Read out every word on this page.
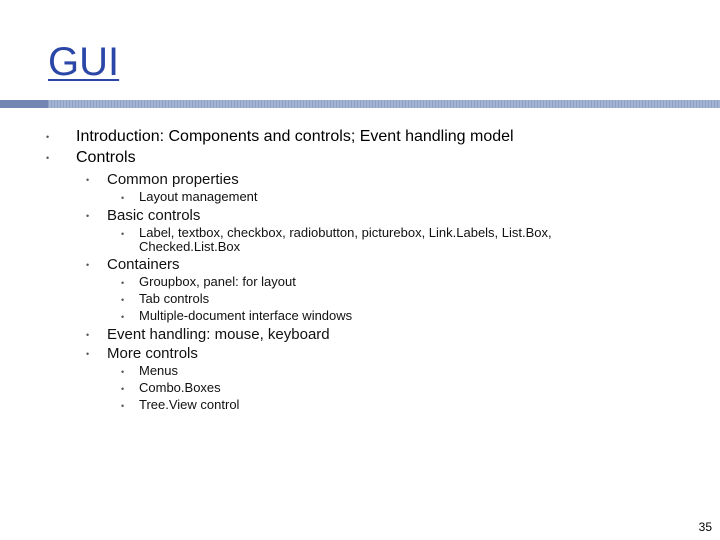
GUI
• Introduction: Components and controls; Event handling model
• Controls
• Common properties
• Layout management
• Basic controls
• Label, textbox, checkbox, radiobutton, picturebox, Link.Labels, List.Box,
Checked.List.Box
• Containers
• Groupbox, panel: for layout
• Tab controls
• Multiple-document interface windows
• Event handling: mouse, keyboard
• More controls
• Menus
• Combo.Boxes
• Tree.View control
35
